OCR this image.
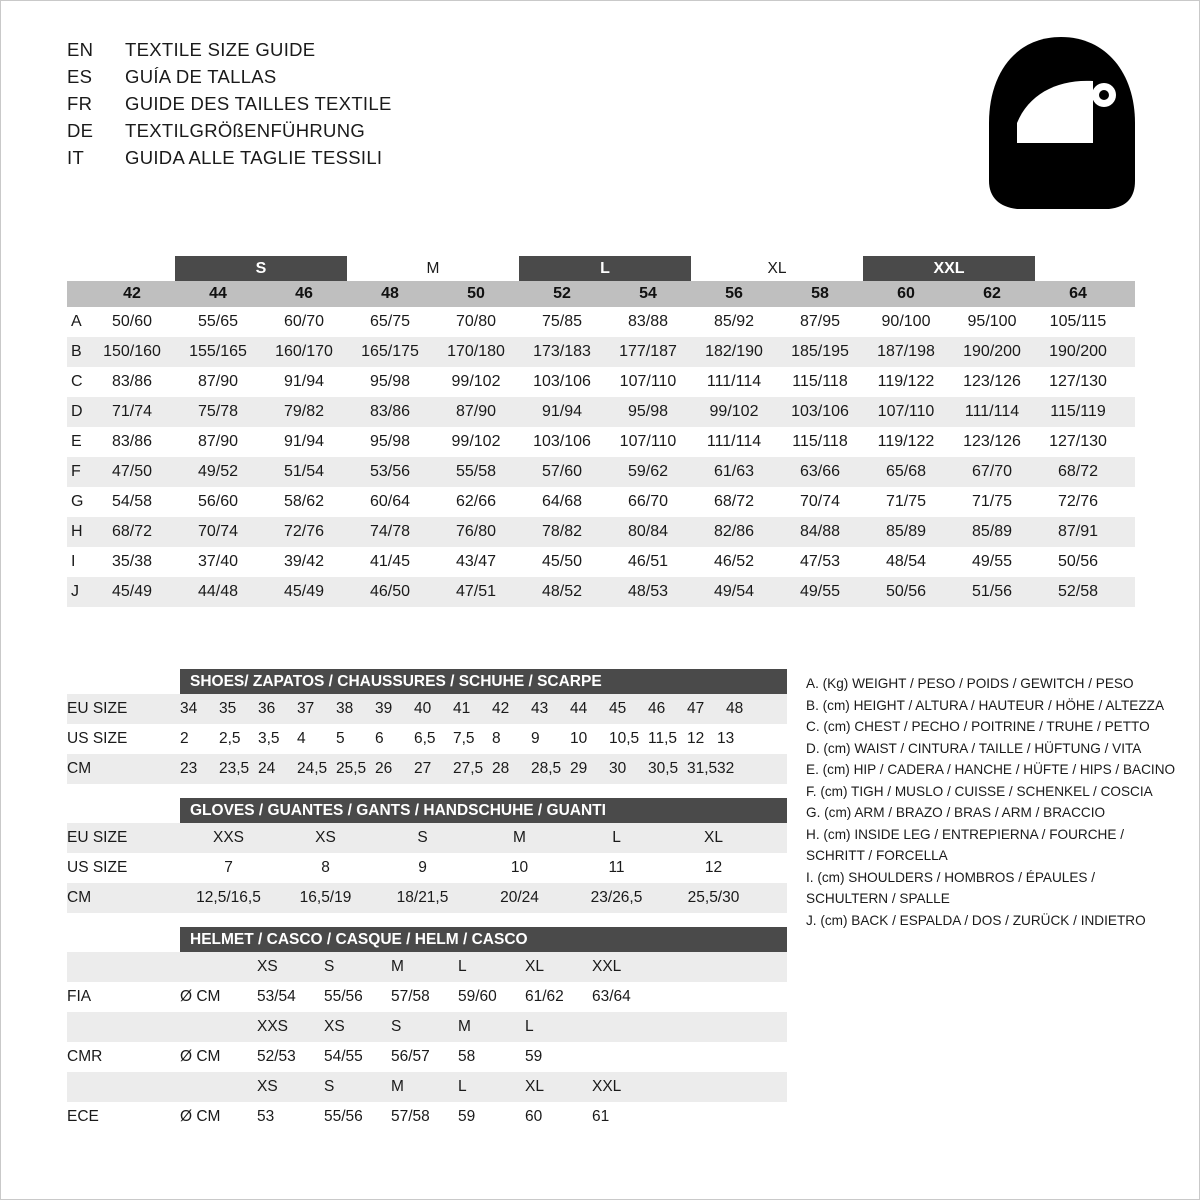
EN	TEXTILE SIZE GUIDE
ES	GUÍA DE TALLAS
FR	GUIDE DES TAILLES TEXTILE
DE	TEXTILGRÖßENFÜHRUNG
IT	GUIDA ALLE TAGLIE TESSILI
S	M	L	XL	XXL
42	44	46	48	50	52	54	56	58	60	62	64
A	50/60	55/65	60/70	65/75	70/80	75/85	83/88	85/92	87/95	90/100	95/100	105/115
B	150/160	155/165	160/170	165/175	170/180	173/183	177/187	182/190	185/195	187/198	190/200	190/200
C	83/86	87/90	91/94	95/98	99/102	103/106	107/110	111/114	115/118	119/122	123/126	127/130
D	71/74	75/78	79/82	83/86	87/90	91/94	95/98	99/102	103/106	107/110	111/114	115/119
E	83/86	87/90	91/94	95/98	99/102	103/106	107/110	111/114	115/118	119/122	123/126	127/130
F	47/50	49/52	51/54	53/56	55/58	57/60	59/62	61/63	63/66	65/68	67/70	68/72
G	54/58	56/60	58/62	60/64	62/66	64/68	66/70	68/72	70/74	71/75	71/75	72/76
H	68/72	70/74	72/76	74/78	76/80	78/82	80/84	82/86	84/88	85/89	85/89	87/91
I	35/38	37/40	39/42	41/45	43/47	45/50	46/51	46/52	47/53	48/54	49/55	50/56
J	45/49	44/48	45/49	46/50	47/51	48/52	48/53	49/54	49/55	50/56	51/56	52/58
SHOES/ ZAPATOS / CHAUSSURES / SCHUHE / SCARPE
EU SIZE	34	35	36	37	38	39	40	41	42	43	44	45	46	47	48
US SIZE	2	2,5	3,5	4	5	6	6,5	7,5	8	9	10	10,5 11,5 12 13
CM	23	23,5 24	24,5 25,5 26	27	27,5 28	28,5 29	30	30,5 31,5 32
GLOVES / GUANTES / GANTS / HANDSCHUHE / GUANTI
EU SIZE	XXS	XS	S	M	L	XL
US SIZE	7	8	9	10	11	12
CM	12,5/16,5	16,5/19	18/21,5	20/24	23/26,5	25,5/30
HELMET / CASCO / CASQUE / HELM / CASCO
XS	S	M	L	XL	XXL
FIA	Ø CM	53/54	55/56	57/58	59/60	61/62	63/64
XXS	XS	S	M	L
CMR	Ø CM	52/53	54/55	56/57	58	59
XS	S	M	L	XL	XXL
ECE	Ø CM	53	55/56	57/58	59	60	61
A. (Kg) WEIGHT / PESO / POIDS / GEWITCH / PESO
B. (cm) HEIGHT / ALTURA / HAUTEUR / HÖHE / ALTEZZA
C. (cm) CHEST / PECHO / POITRINE / TRUHE / PETTO
D. (cm) WAIST / CINTURA / TAILLE / HÜFTUNG / VITA
E. (cm) HIP / CADERA / HANCHE / HÜFTE / HIPS / BACINO
F. (cm) TIGH / MUSLO / CUISSE / SCHENKEL / COSCIA
G. (cm) ARM / BRAZO / BRAS / ARM / BRACCIO
H. (cm) INSIDE LEG / ENTREPIERNA / FOURCHE /
SCHRITT / FORCELLA
I. (cm) SHOULDERS / HOMBROS / ÉPAULES /
SCHULTERN / SPALLE
J. (cm) BACK / ESPALDA / DOS / ZURÜCK / INDIETRO
